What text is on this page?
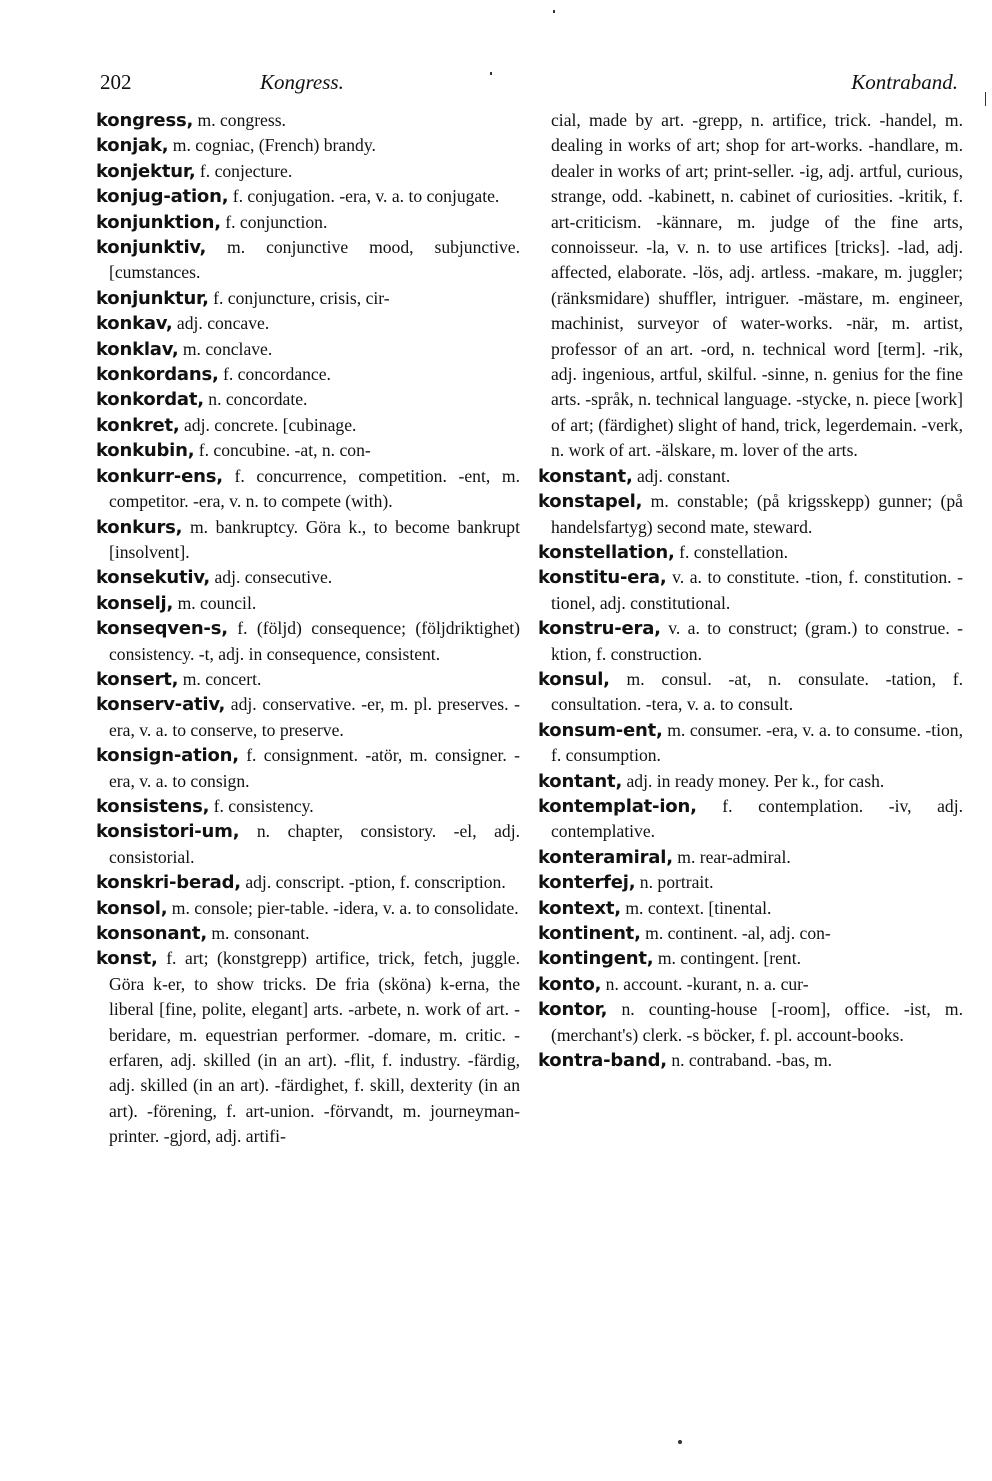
202	Kongress.	Kontraband.

kongress, m. congress.

konjak, m. cogniac, (French) brandy.

konjektur, f. conjecture.

konjug-ation, f. conjugation. -era, v. a. to conjugate.

konjunktion, f. conjunction.

konjunktiv, m. conjunctive mood, subjunctive. [cumstances.

konjunktur, f. conjuncture, crisis, cir-

konkav, adj. concave.

konklav, m. conclave.

konkordans, f. concordance.

konkordat, n. concordate.

konkret, adj. concrete. [cubinage.

konkubin, f. concubine. -at, n. con-

konkurr-ens, f. concurrence, competition. -ent, m. competitor. -era, v. n. to compete (with).

konkurs, m. bankruptcy. Göra k., to become bankrupt [insolvent].

konsekutiv, adj. consecutive.

konselj, m. council.

konseqven-s, f. (följd) consequence; (följdriktighet) consistency. -t, adj. in consequence, consistent.

konsert, m. concert.

konserv-ativ, adj. conservative. -er, m. pl. preserves. -era, v. a. to conserve, to preserve.

konsign-ation, f. consignment. -atör, m. consigner. -era, v. a. to consign.

konsistens, f. consistency.

konsistori-um, n. chapter, consistory. -el, adj. consistorial.

konskri-berad, adj. conscript. -ption, f. conscription.

konsol, m. console; pier-table. -idera, v. a. to consolidate.

konsonant, m. consonant.

konst, f. art; (konstgrepp) artifice, trick, fetch, juggle. Göra k-er, to show tricks. De fria (sköna) k-erna, the liberal [fine, polite, elegant] arts. -arbete, n. work of art. -beridare, m. equestrian performer. -domare, m. critic. -erfaren, adj. skilled (in an art). -flit, f. industry. -färdig, adj. skilled (in an art). -färdighet, f. skill, dexterity (in an art). -förening, f. art-union. -förvandt, m. journeyman-printer. -gjord, adj. artifi-

cial, made by art. -grepp, n. artifice, trick. -handel, m. dealing in works of art; shop for art-works. -handlare, m. dealer in works of art; print-seller. -ig, adj. artful, curious, strange, odd. -kabinett, n. cabinet of curiosities. -kritik, f. art-criticism. -kännare, m. judge of the fine arts, connoisseur. -la, v. n. to use artifices [tricks]. -lad, adj. affected, elaborate. -lös, adj. artless. -makare, m. juggler; (ränksmidare) shuffler, intriguer. -mästare, m. engineer, machinist, surveyor of water-works. -när, m. artist, professor of an art. -ord, n. technical word [term]. -rik, adj. ingenious, artful, skilful. -sinne, n. genius for the fine arts. -språk, n. technical language. -stycke, n. piece [work] of art; (färdighet) slight of hand, trick, legerdemain. -verk, n. work of art. -älskare, m. lover of the arts.

konstant, adj. constant.

konstapel, m. constable; (på krigsskepp) gunner; (på handelsfartyg) second mate, steward.

konstellation, f. constellation.

konstitu-era, v. a. to constitute. -tion, f. constitution. -tionel, adj. constitutional.

konstru-era, v. a. to construct; (gram.) to construe. -ktion, f. construction.

konsul, m. consul. -at, n. consulate. -tation, f. consultation. -tera, v. a. to consult.

konsum-ent, m. consumer. -era, v. a. to consume. -tion, f. consumption.

kontant, adj. in ready money. Per k., for cash.

kontemplat-ion, f. contemplation. -iv, adj. contemplative.

konteramiral, m. rear-admiral.

konterfej, n. portrait.

kontext, m. context. [tinental.

kontinent, m. continent. -al, adj. con-

kontingent, m. contingent. [rent.

konto, n. account. -kurant, n. a. cur-

kontor, n. counting-house [-room], office. -ist, m. (merchant's) clerk. -s böcker, f. pl. account-books.

kontra-band, n. contraband. -bas, m.
